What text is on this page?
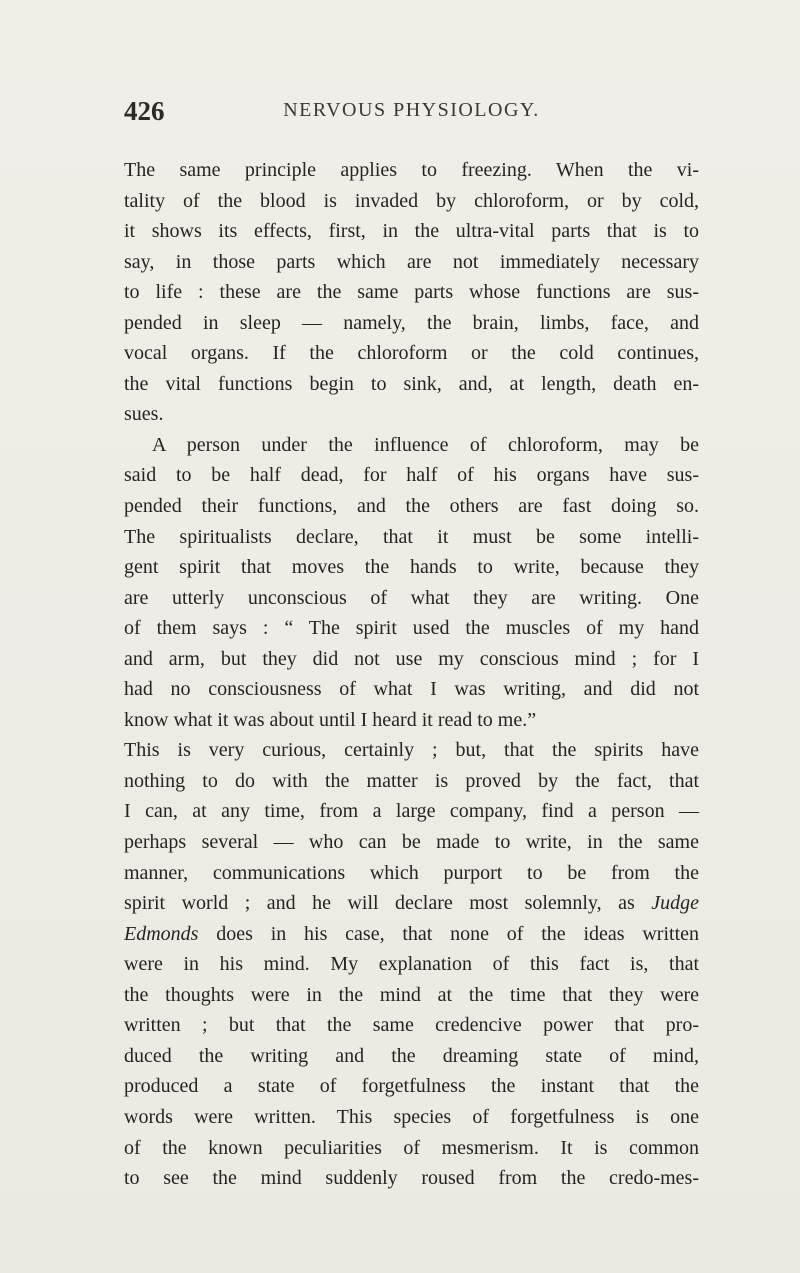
426	NERVOUS PHYSIOLOGY.
The same principle applies to freezing. When the vi-
tality of the blood is invaded by chloroform, or by cold,
it shows its effects, first, in the ultra-vital parts that is to
say, in those parts which are not immediately necessary
to life : these are the same parts whose functions are sus-
pended in sleep — namely, the brain, limbs, face, and
vocal organs. If the chloroform or the cold continues,
the vital functions begin to sink, and, at length, death en-
sues.
A person under the influence of chloroform, may be
said to be half dead, for half of his organs have sus-
pended their functions, and the others are fast doing so.
The spiritualists declare, that it must be some intelli-
gent spirit that moves the hands to write, because they
are utterly unconscious of what they are writing. One
of them says : “ The spirit used the muscles of my hand
and arm, but they did not use my conscious mind ; for I
had no consciousness of what I was writing, and did not
know what it was about until I heard it read to me.”
This is very curious, certainly ; but, that the spirits have
nothing to do with the matter is proved by the fact, that
I can, at any time, from a large company, find a person —
perhaps several — who can be made to write, in the same
manner, communications which purport to be from the
spirit world ; and he will declare most solemnly, as Judge
Edmonds does in his case, that none of the ideas written
were in his mind. My explanation of this fact is, that
the thoughts were in the mind at the time that they were
written ; but that the same credencive power that pro-
duced the writing and the dreaming state of mind,
produced a state of forgetfulness the instant that the
words were written. This species of forgetfulness is one
of the known peculiarities of mesmerism. It is common
to see the mind suddenly roused from the credo-mes-
